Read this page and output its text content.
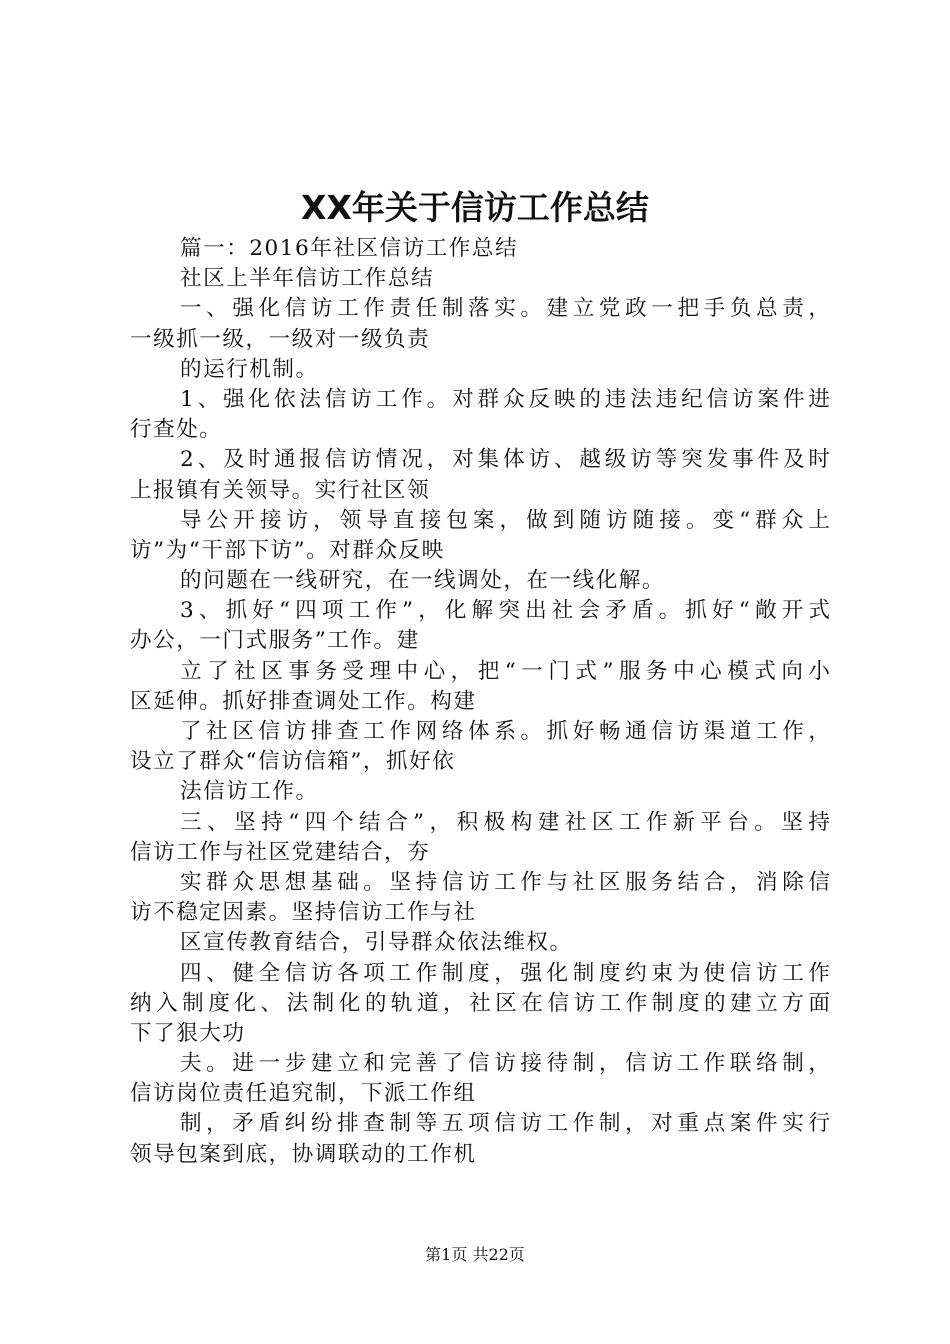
XX年关于信访工作总结
篇一：2016年社区信访工作总结
社区上半年信访工作总结
一、强化信访工作责任制落实。建立党政一把手负总责，
一级抓一级，一级对一级负责
的运行机制。
1、强化依法信访工作。对群众反映的违法违纪信访案件进
行查处。
2、及时通报信访情况，对集体访、越级访等突发事件及时
上报镇有关领导。实行社区领
导公开接访，领导直接包案，做到随访随接。变“群众上
访”为“干部下访”。对群众反映
的问题在一线研究，在一线调处，在一线化解。
3、抓好“四项工作”，化解突出社会矛盾。抓好“敞开式
办公，一门式服务”工作。建
立了社区事务受理中心，把“一门式”服务中心模式向小
区延伸。抓好排查调处工作。构建
了社区信访排查工作网络体系。抓好畅通信访渠道工作，
设立了群众“信访信箱”，抓好依
法信访工作。
三、坚持“四个结合”，积极构建社区工作新平台。坚持
信访工作与社区党建结合，夯
实群众思想基础。坚持信访工作与社区服务结合，消除信
访不稳定因素。坚持信访工作与社
区宣传教育结合，引导群众依法维权。
四、健全信访各项工作制度，强化制度约束为使信访工作
纳入制度化、法制化的轨道，社区在信访工作制度的建立方面
下了狠大功
夫。进一步建立和完善了信访接待制，信访工作联络制，
信访岗位责任追究制，下派工作组
制，矛盾纠纷排查制等五项信访工作制，对重点案件实行
领导包案到底，协调联动的工作机
第1页 共22页
